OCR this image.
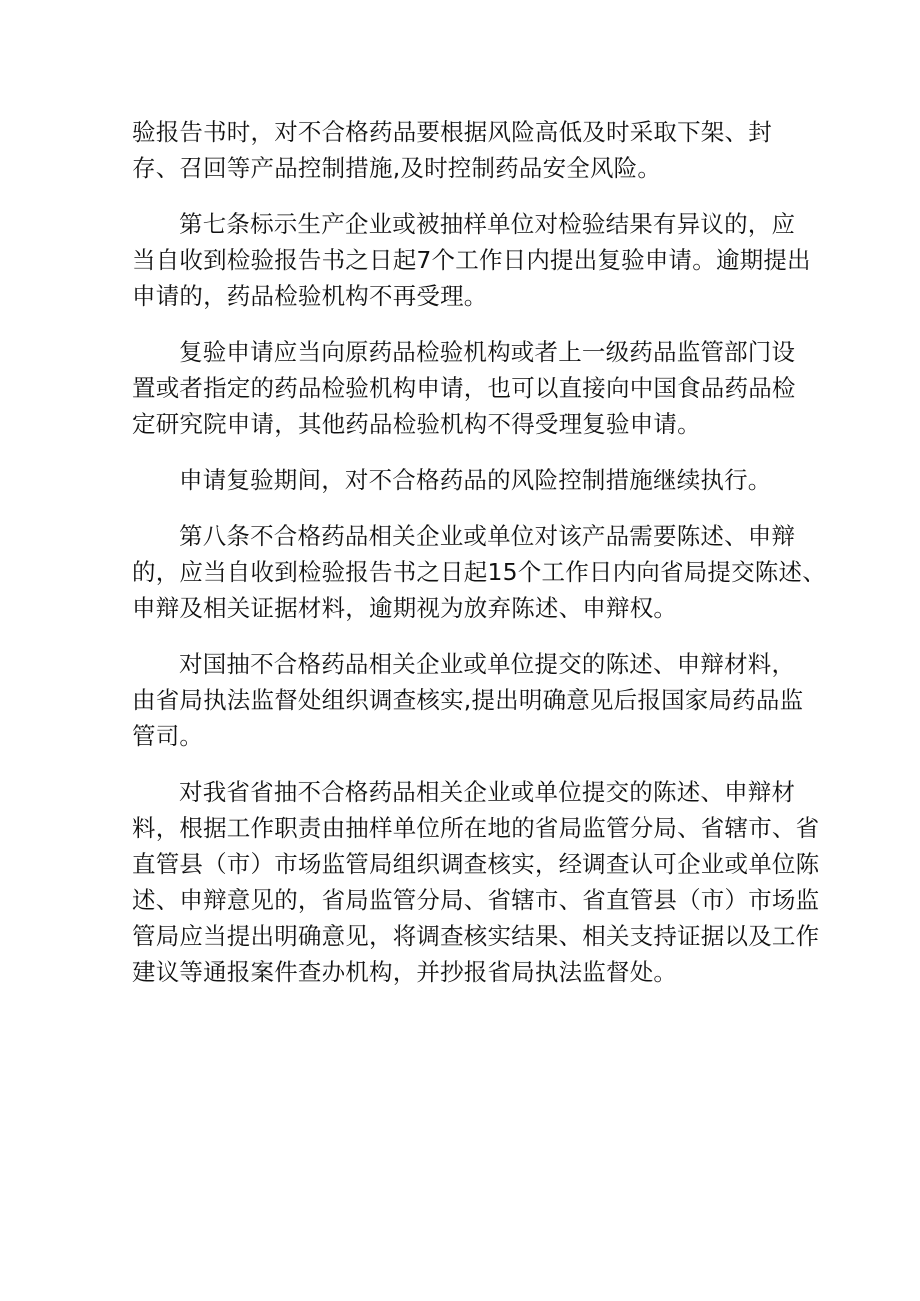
验报告书时，对不合格药品要根据风险高低及时采取下架、封
存、召回等产品控制措施,及时控制药品安全风险。

第七条标示生产企业或被抽样单位对检验结果有异议的，应
当自收到检验报告书之日起7个工作日内提出复验申请。逾期提出
申请的，药品检验机构不再受理。

复验申请应当向原药品检验机构或者上一级药品监管部门设
置或者指定的药品检验机构申请，也可以直接向中国食品药品检
定研究院申请，其他药品检验机构不得受理复验申请。

申请复验期间，对不合格药品的风险控制措施继续执行。

第八条不合格药品相关企业或单位对该产品需要陈述、申辩
的，应当自收到检验报告书之日起15个工作日内向省局提交陈述、
申辩及相关证据材料，逾期视为放弃陈述、申辩权。

对国抽不合格药品相关企业或单位提交的陈述、申辩材料，
由省局执法监督处组织调查核实,提出明确意见后报国家局药品监
管司。

对我省省抽不合格药品相关企业或单位提交的陈述、申辩材
料，根据工作职责由抽样单位所在地的省局监管分局、省辖市、省
直管县（市）市场监管局组织调查核实，经调查认可企业或单位陈
述、申辩意见的，省局监管分局、省辖市、省直管县（市）市场监
管局应当提出明确意见，将调查核实结果、相关支持证据以及工作
建议等通报案件查办机构，并抄报省局执法监督处。
